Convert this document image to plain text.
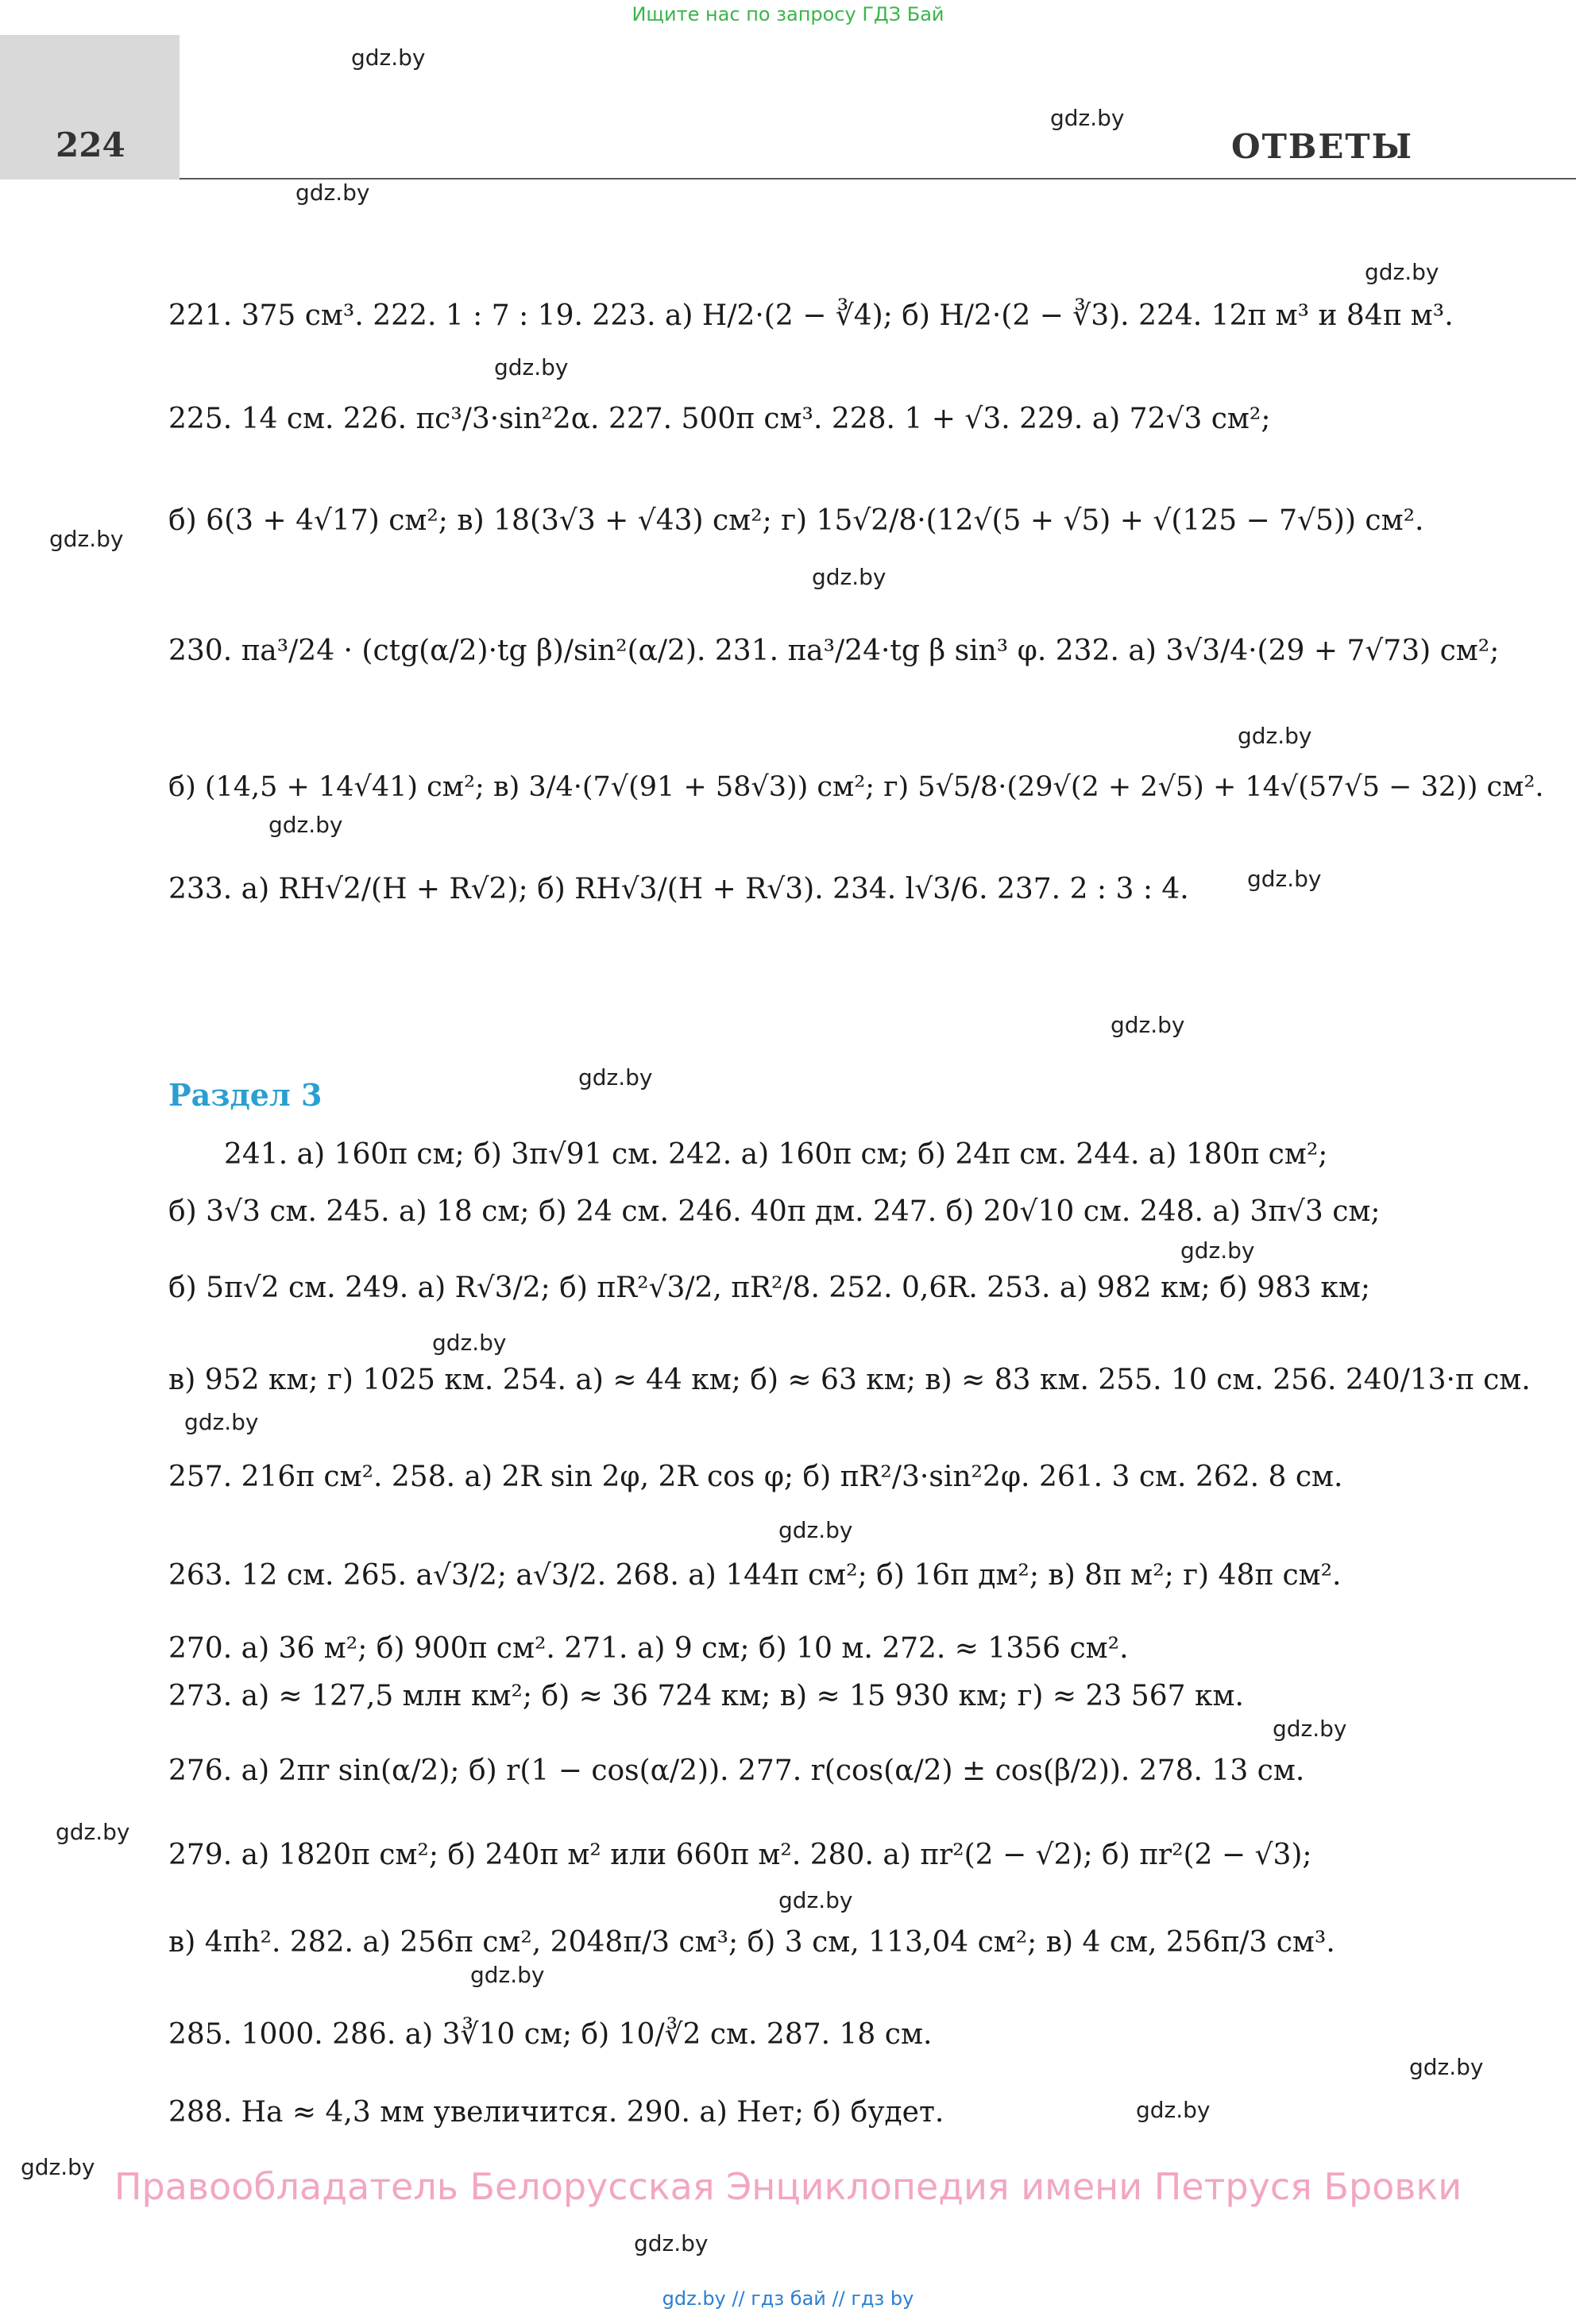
Ищите нас по запросу ГДЗ Бай
224	ОТВЕТЫ
gdz.by
gdz.by
gdz.by
gdz.by
gdz.by
gdz.by
gdz.by
gdz.by
gdz.by
gdz.by
gdz.by
gdz.by
gdz.by
gdz.by
gdz.by
gdz.by
gdz.by
gdz.by
gdz.by
gdz.by
gdz.by
gdz.by
gdz.by
gdz.by
221. 375 см³. 222. 1 : 7 : 19. 223. а) H/2·(2 − ∛4); б) H/2·(2 − ∛3). 224. 12π м³ и 84π м³.
225. 14 см. 226. πc³/3·sin²2α. 227. 500π см³. 228. 1 + √3. 229. а) 72√3 см²;
б) 6(3 + 4√17) см²; в) 18(3√3 + √43) см²; г) 15√2/8·(12√(5 + √5) + √(125 − 7√5)) см².
230. πa³/24 · (ctg(α/2)·tg β)/sin²(α/2). 231. πa³/24·tg β sin³ φ. 232. а) 3√3/4·(29 + 7√73) см²;
б) (14,5 + 14√41) см²; в) 3/4·(7√(91 + 58√3)) см²; г) 5√5/8·(29√(2 + 2√5) + 14√(57√5 − 32)) см².
233. а) RH√2/(H + R√2); б) RH√3/(H + R√3). 234. l√3/6. 237. 2 : 3 : 4.
Раздел 3
241. а) 160π см; б) 3π√91 см. 242. а) 160π см; б) 24π см. 244. а) 180π см²;
б) 3√3 см. 245. а) 18 см; б) 24 см. 246. 40π дм. 247. б) 20√10 см. 248. а) 3π√3 см;
б) 5π√2 см. 249. а) R√3/2; б) πR²√3/2, πR²/8. 252. 0,6R. 253. а) 982 км; б) 983 км;
в) 952 км; г) 1025 км. 254. а) ≈ 44 км; б) ≈ 63 км; в) ≈ 83 км. 255. 10 см. 256. 240/13·π см.
257. 216π см². 258. а) 2R sin 2φ, 2R cos φ; б) πR²/3·sin²2φ. 261. 3 см. 262. 8 см.
263. 12 см. 265. a√3/2; a√3/2. 268. а) 144π см²; б) 16π дм²; в) 8π м²; г) 48π см².
270. а) 36 м²; б) 900π см². 271. а) 9 см; б) 10 м. 272. ≈ 1356 см².
273. а) ≈ 127,5 млн км²; б) ≈ 36 724 км; в) ≈ 15 930 км; г) ≈ 23 567 км.
276. а) 2πr sin(α/2); б) r(1 − cos(α/2)). 277. r(cos(α/2) ± cos(β/2)). 278. 13 см.
279. а) 1820π см²; б) 240π м² или 660π м². 280. а) πr²(2 − √2); б) πr²(2 − √3);
в) 4πh². 282. а) 256π см², 2048π/3 см³; б) 3 см, 113,04 см²; в) 4 см, 256π/3 см³.
285. 1000. 286. а) 3∛10 см; б) 10/∛2 см. 287. 18 см.
288. На ≈ 4,3 мм увеличится. 290. а) Нет; б) будет.
Правообладатель Белорусская Энциклопедия имени Петруся Бровки
gdz.by // гдз бай // гдз by
